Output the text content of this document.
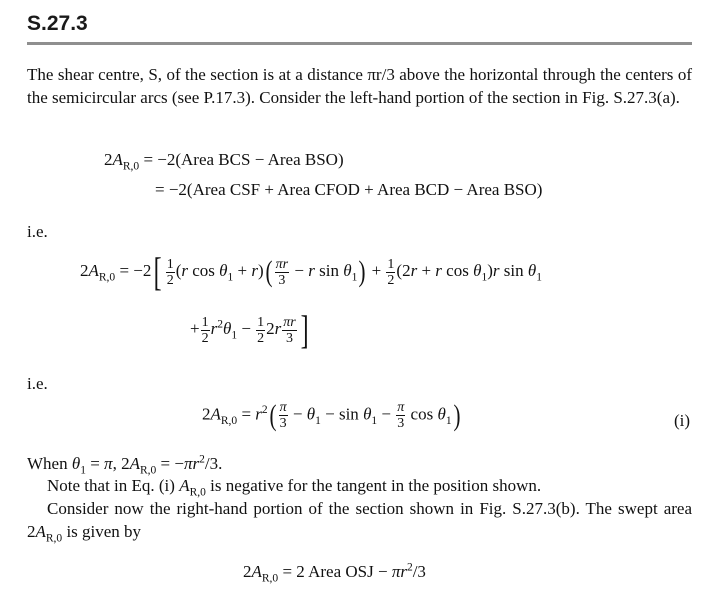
S.27.3
The shear centre, S, of the section is at a distance πr/3 above the horizontal through the centers of the semicircular arcs (see P.17.3). Consider the left-hand portion of the section in Fig. S.27.3(a).
$2A_{R,0}$ = −2(Area BCS − Area BSO)
= −2(Area CSF + Area CFOD + Area BCD − Area BSO)
i.e.
$2A_{R,0} = -2[ \frac{1}{2} (r$ $\cos \theta_1 + r)( \frac{\pi r}{3} - r$ $\sin \theta_1) + \frac{1}{2} (2r + r$ $\cos \theta_1)r$ $\sin \theta_1$
+ $\frac{1}{2} r^2\theta_1 - \frac{1}{2} 2r \frac{\pi r}{3}$ ]
i.e.
$2A_{R,0} = r^2( \frac{\pi}{3} - \theta_1 - \sin \theta_1 - \frac{\pi}{3}$ $\cos \theta_1$)	(i)
When $\theta_1 = \pi$, $2A_{R,0} = -\pi r^2/3$.
Note that in Eq. (i) $A_{R,0}$ is negative for the tangent in the position shown.
Consider now the right-hand portion of the section shown in Fig. S.27.3(b). The swept area $2A_{R,0}$ is given by
$2A_{R,0} = 2$ Area OSJ − $\pi r^2/3$
